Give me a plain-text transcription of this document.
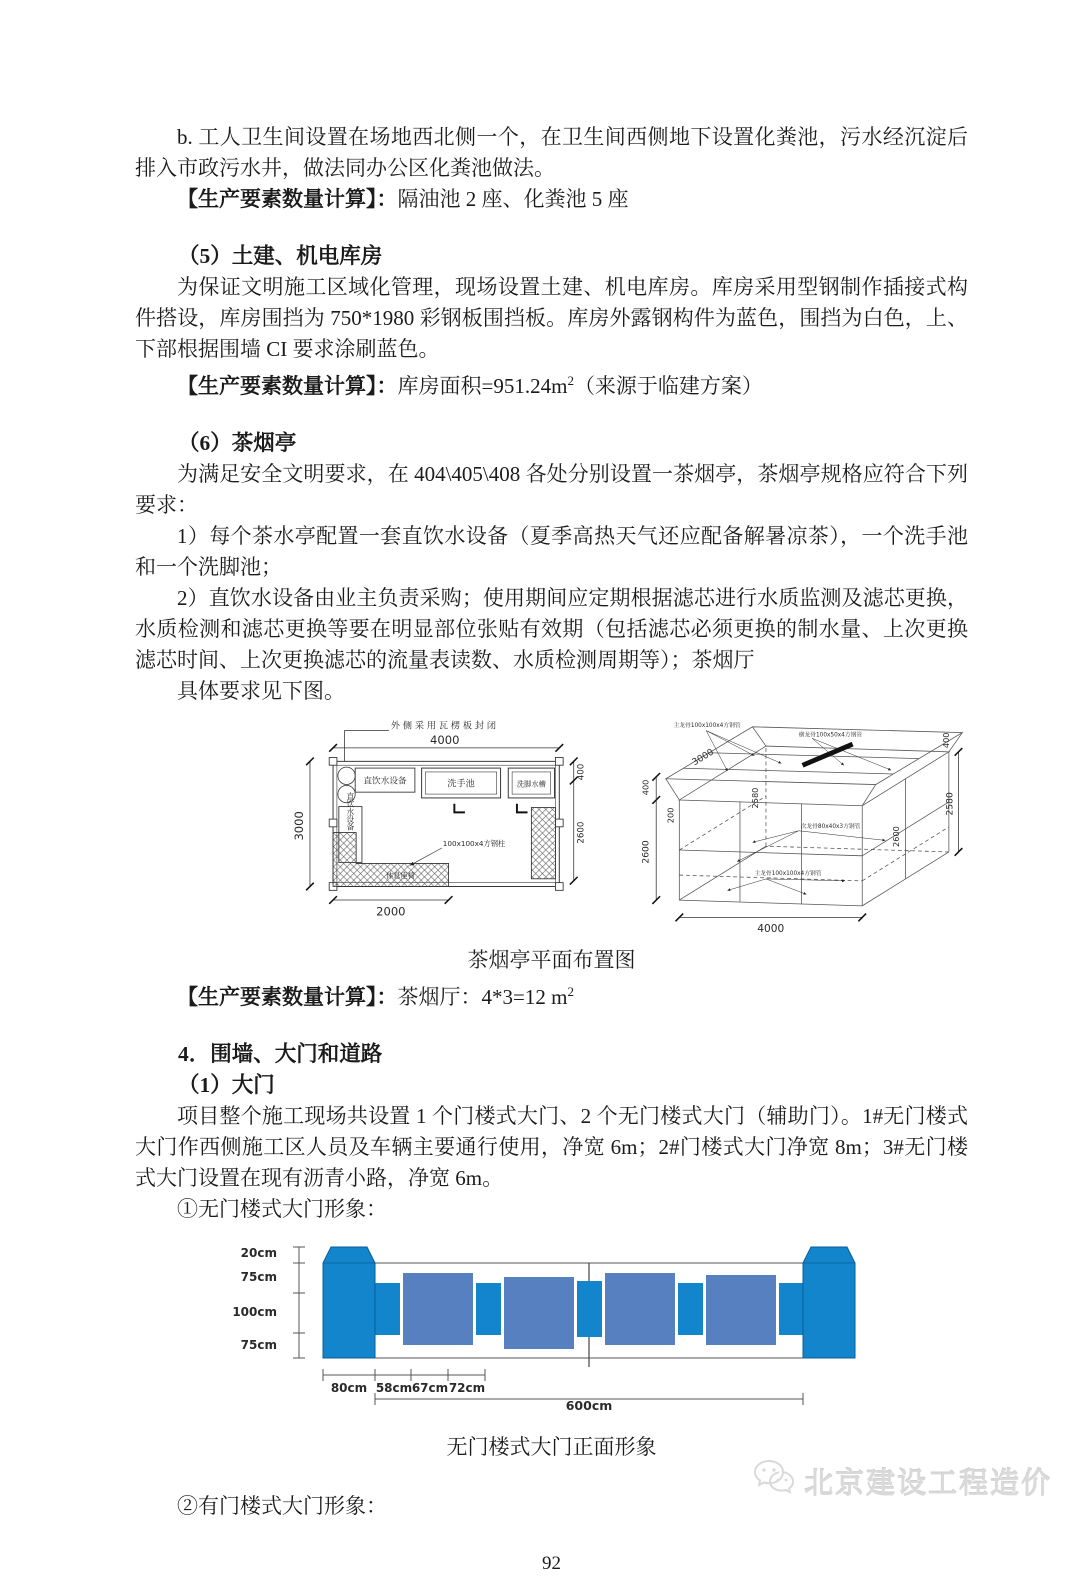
b. 工人卫生间设置在场地西北侧一个，在卫生间西侧地下设置化粪池，污水经沉淀后排入市政污水井，做法同办公区化粪池做法。

【生产要素数量计算】：隔油池 2 座、化粪池 5 座

（5）土建、机电库房

为保证文明施工区域化管理，现场设置土建、机电库房。库房采用型钢制作插接式构件搭设，库房围挡为 750*1980 彩钢板围挡板。库房外露钢构件为蓝色，围挡为白色，上、下部根据围墙 CI 要求涂刷蓝色。

【生产要素数量计算】：库房面积$=951.24m^2$（来源于临建方案）

（6）茶烟亭

为满足安全文明要求，在 404\405\408 各处分别设置一茶烟亭，茶烟亭规格应符合下列要求：

1）每个茶水亭配置一套直饮水设备（夏季高热天气还应配备解暑凉茶），一个洗手池和一个洗脚池；

2）直饮水设备由业主负责采购；使用期间应定期根据滤芯进行水质监测及滤芯更换，水质检测和滤芯更换等要在明显部位张贴有效期（包括滤芯必须更换的制水量、上次更换滤芯时间、上次更换滤芯的流量表读数、水质检测周期等）；茶烟厅

具体要求见下图。

外侧采用瓦楞板封闭
4000
直饮水设备	洗手池	洗脚水槽
直饮水设备
休息座椅
100x100x4方钢柱
2000
3000
400
2600
主龙骨100x100x4方钢管
横龙骨100x50x4方钢管
次龙骨80x40x3方钢管
主龙骨100x100x4方钢管
4000
2600
400
200
2580	2580
2600
400
3000

茶烟亭平面布置图

【生产要素数量计算】：茶烟厅：4*3=12 $m^2$

4．围墙、大门和道路

（1）大门

项目整个施工现场共设置 1 个门楼式大门、2 个无门楼式大门（辅助门）。1#无门楼式大门作西侧施工区人员及车辆主要通行使用，净宽 6m；2#门楼式大门净宽 8m；3#无门楼式大门设置在现有沥青小路，净宽 6m。

①无门楼式大门形象：

20cm
75cm
100cm
75cm
80cm 58cm 67cm 72cm
600cm

无门楼式大门正面形象

②有门楼式大门形象：

92

北京建设工程造价
